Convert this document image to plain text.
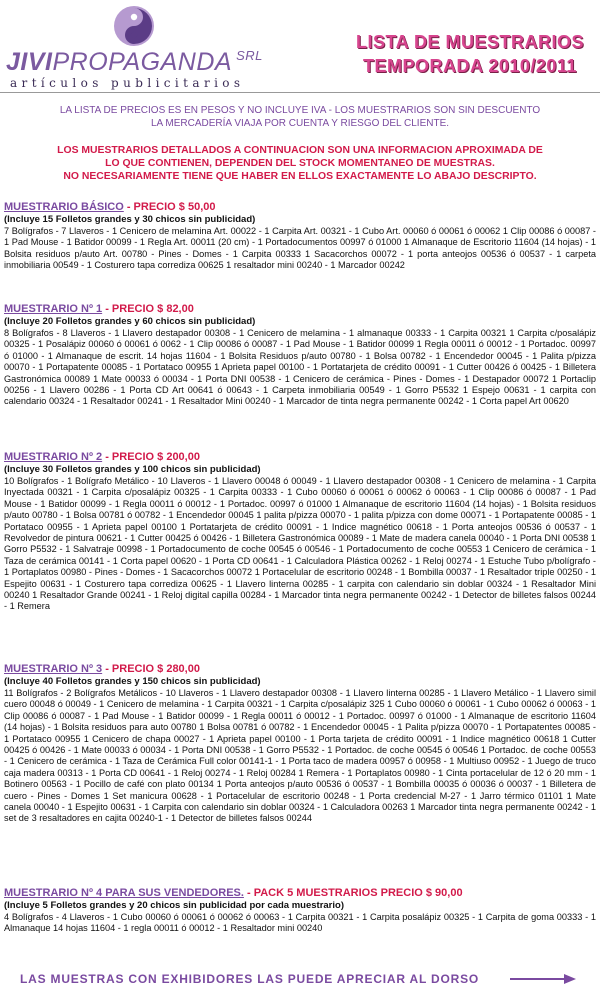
JIVIPROPAGANDA $^{SRL}$
artículos publicitarios
LISTA DE MUESTRARIOS
TEMPORADA 2010/2011
LA LISTA DE PRECIOS ES EN PESOS Y NO INCLUYE IVA - LOS MUESTRARIOS SON SIN DESCUENTO
LA MERCADERÍA VIAJA POR CUENTA Y RIESGO DEL CLIENTE.
LOS MUESTRARIOS DETALLADOS A CONTINUACION SON UNA INFORMACION APROXIMADA DE
LO QUE CONTIENEN, DEPENDEN DEL STOCK MOMENTANEO DE MUESTRAS.
NO NECESARIAMENTE TIENE QUE HABER EN ELLOS EXACTAMENTE LO ABAJO DESCRIPTO.
MUESTRARIO BÁSICO - PRECIO $ 50,00
(Incluye 15 Folletos grandes y 30 chicos sin publicidad)
7 Bolígrafos - 7 Llaveros - 1 Cenicero de melamina Art. 00022 - 1 Carpita Art. 00321 - 1 Cubo Art. 00060 ó 00061 ó 00062 1 Clip 00086 ó 00087 - 1 Pad Mouse - 1 Batidor 00099 - 1 Regla Art. 00011 (20 cm) - 1 Portadocumentos 00997 ó 01000 1 Almanaque de Escritorio 11604 (14 hojas) - 1 Bolsita residuos p/auto Art. 00780 - Pines - Domes - 1 Carpita 00333 1 Sacacorchos 00072 - 1 porta anteojos 00536 ó 00537 - 1 carpeta inmobiliaria 00549 - 1 Costurero tapa corrediza 00625 1 resaltador mini 00240 - 1 Marcador 00242
MUESTRARIO Nº 1 - PRECIO $ 82,00
(Incluye 20 Folletos grandes y 60 chicos sin publicidad)
8 Bolígrafos - 8 Llaveros - 1 Llavero destapador 00308 - 1 Cenicero de melamina - 1 almanaque 00333 - 1 Carpita 00321 1 Carpita c/posalápiz 00325 - 1 Posalápiz 00060 ó 00061 ó 0062 - 1 Clip 00086 ó 00087 - 1 Pad Mouse - 1 Batidor 00099 1 Regla 00011 ó 00012 - 1 Portadoc. 00997 ó 01000 - 1 Almanaque de escrit. 14 hojas 11604 - 1 Bolsita Residuos p/auto 00780 - 1 Bolsa 00782 - 1 Encendedor 00045 - 1 Palita p/pizza 00070 - 1 Portapatente 00085 - 1 Portataco 00955 1 Aprieta papel 00100 - 1 Portatarjeta de crédito 00091 - 1 Cutter 00426 ó 00425 - 1 Billetera Gastronómica 00089 1 Mate 00033 ó 00034 - 1 Porta DNI 00538 - 1 Cenicero de cerámica - Pines - Domes - 1 Destapador 00072 1 Portaclip 00256 - 1 Llavero 00286 - 1 Porta CD Art 00641 ó 00643 - 1 Carpeta inmobiliaria 00549 - 1 Gorro P5532 1 Espejo 00631 - 1 carpita con calendario 00324 - 1 Resaltador 00241 - 1 Resaltador Mini 00240 - 1 Marcador de tinta negra permanente 00242 - 1 Corta papel Art 00620
MUESTRARIO Nº 2 - PRECIO $ 200,00
(Incluye 30 Folletos grandes y 100 chicos sin publicidad)
10 Bolígrafos - 1 Bolígrafo Metálico - 10 Llaveros - 1 Llavero 00048 ó 00049 - 1 Llavero destapador 00308 - 1 Cenicero de melamina - 1 Carpita Inyectada 00321 - 1 Carpita c/posalápiz 00325 - 1 Carpita 00333 - 1 Cubo 00060 ó 00061 ó 00062 ó 00063 - 1 Clip 00086 ó 00087 - 1 Pad Mouse - 1 Batidor 00099 - 1 Regla 00011 ó 00012 - 1 Portadoc. 00997 ó 01000 1 Almanaque de escritorio 11604 (14 hojas) - 1 Bolsita residuos p/auto 00780 - 1 Bolsa 00781 ó 00782 - 1 Encendedor 00045 1 palita p/pizza 00070 - 1 palita p/pizza con dome 00071 - 1 Portapatente 00085 - 1 Portataco 00955 - 1 Aprieta papel 00100 1 Portatarjeta de crédito 00091 - 1 Indice magnético 00618 - 1 Porta anteojos 00536 ó 00537 - 1 Revolvedor de pintura 00621 - 1 Cutter 00425 ó 00426 - 1 Billetera Gastronómica 00089 - 1 Mate de madera canela 00040 - 1 Porta DNI 00538 1 Gorro P5532 - 1 Salvatraje 00998 - 1 Portadocumento de coche 00545 ó 00546 - 1 Portadocumento de coche 00553 1 Cenicero de cerámica - 1 Taza de cerámica 00141 - 1 Corta papel 00620 - 1 Porta CD 00641 - 1 Calculadora Plástica 00262 - 1 Reloj 00274 - 1 Estuche Tubo p/bolígrafo - 1 Portaplatos 00980 - Pines - Domes - 1 Sacacorchos 00072 1 Portacelular de escritorio 00248 - 1 Bombilla 00037 - 1 Resaltador triple 00250 - 1 Espejito 00631 - 1 Costurero tapa corrediza 00625 - 1 Llavero linterna 00285 - 1 carpita con calendario sin doblar 00324 - 1 Resaltador Mini 00240 1 Resaltador Grande 00241 - 1 Reloj digital capilla 00284 - 1 Marcador tinta negra permanente 00242 - 1 Detector de billetes falsos 00244 - 1 Remera
MUESTRARIO Nº 3 - PRECIO $ 280,00
(Incluye 40 Folletos grandes y 150 chicos sin publicidad)
11 Bolígrafos - 2 Bolígrafos Metálicos - 10 Llaveros - 1 Llavero destapador 00308 - 1 Llavero linterna 00285 - 1 Llavero Metálico - 1 Llavero simil cuero 00048 ó 00049 - 1 Cenicero de melamina - 1 Carpita 00321 - 1 Carpita c/posalápiz 325 1 Cubo 00060 ó 00061 - 1 Cubo 00062 ó 00063 - 1 Clip 00086 ó 00087 - 1 Pad Mouse - 1 Batidor 00099 - 1 Regla 00011 ó 00012 - 1 Portadoc. 00997 ó 01000 - 1 Almanaque de escritorio 11604 (14 hojas) - 1 Bolsita residuos para auto 00780 1 Bolsa 00781 ó 00782 - 1 Encendedor 00045 - 1 Palita p/pizza 00070 - 1 Portapatentes 00085 - 1 Portataco 00955 1 Cenicero de chapa 00027 - 1 Aprieta papel 00100 - 1 Porta tarjeta de crédito 00091 - 1 Indice magnético 00618 1 Cutter 00425 ó 00426 - 1 Mate 00033 ó 00034 - 1 Porta DNI 00538 - 1 Gorro P5532 - 1 Portadoc. de coche 00545 ó 00546 1 Portadoc. de coche 00553 - 1 Cenicero de cerámica - 1 Taza de Cerámica Full color 00141-1 - 1 Porta taco de madera 00957 ó 00958 - 1 Multiuso 00952 - 1 Juego de truco caja madera 00313 - 1 Porta CD 00641 - 1 Reloj 00274 - 1 Reloj 00284 1 Remera - 1 Portaplatos 00980 - 1 Cinta portacelular de 12 ó 20 mm - 1 Botinero 00563 - 1 Pocillo de café con plato 00134 1 Porta anteojos p/auto 00536 ó 00537 - 1 Bombilla 00035 ó 00036 ó 00037 - 1 Billetera de cuero - Pines - Domes 1 Set manicura 00628 - 1 Portacelular de escritorio 00248 - 1 Porta credencial M-27 - 1 Jarro térmico 01101 1 Mate canela 00040 - 1 Espejito 00631 - 1 Carpita con calendario sin doblar 00324 - 1 Calculadora 00263 1 Marcador tinta negra permanente 00242 - 1 set de 3 resaltadores en cajita 00240-1 - 1 Detector de billetes falsos 00244
MUESTRARIO Nº 4 PARA SUS VENDEDORES. - PACK 5 MUESTRARIOS PRECIO $ 90,00
(Incluye 5 Folletos grandes y 20 chicos sin publicidad por cada muestrario)
4 Bolígrafos - 4 Llaveros - 1 Cubo 00060 ó 00061 ó 00062 ó 00063 - 1 Carpita 00321 - 1 Carpita posalápiz 00325 - 1 Carpita de goma 00333 - 1 Almanaque 14 hojas 11604 - 1 regla 00011 ó 00012 - 1 Resaltador mini 00240
LAS MUESTRAS CON EXHIBIDORES LAS PUEDE APRECIAR AL DORSO
